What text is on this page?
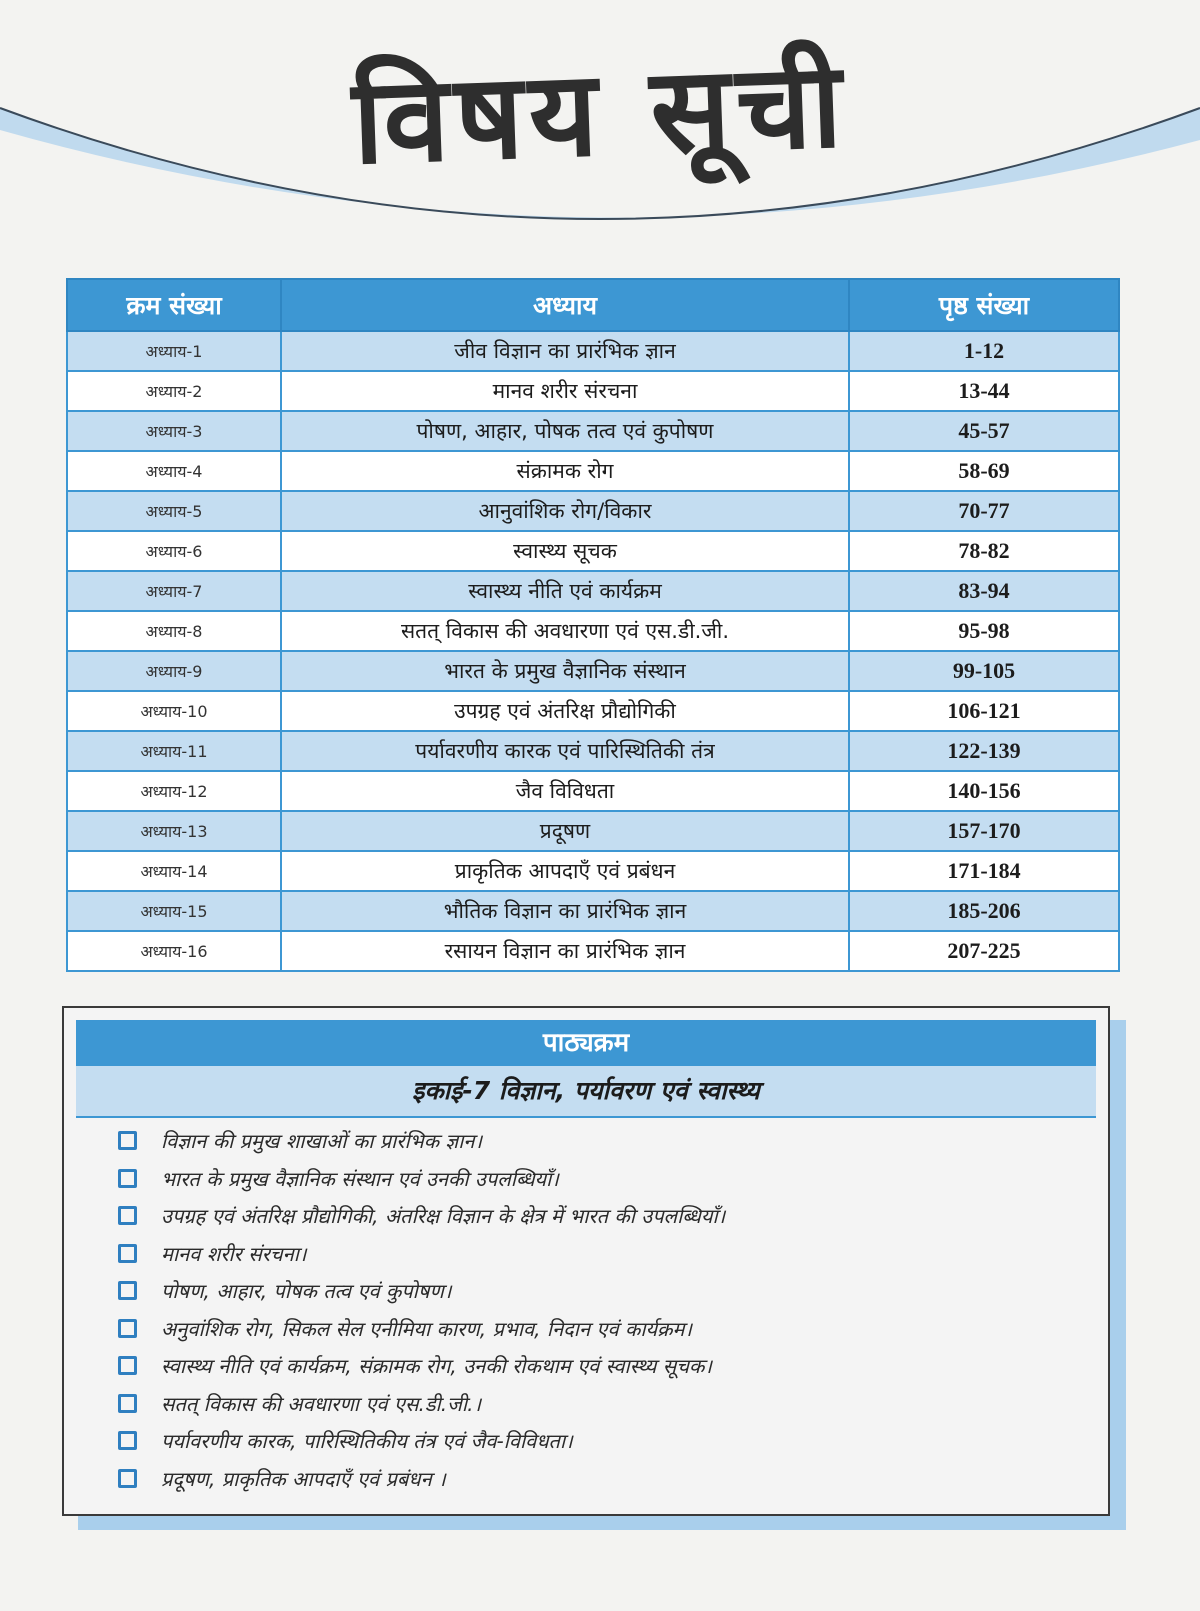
विषय सूची
क्रम संख्या	अध्याय	पृष्ठ संख्या
अध्याय-1	जीव विज्ञान का प्रारंभिक ज्ञान	1-12
अध्याय-2	मानव शरीर संरचना	13-44
अध्याय-3	पोषण, आहार, पोषक तत्व एवं कुपोषण	45-57
अध्याय-4	संक्रामक रोग	58-69
अध्याय-5	आनुवांशिक रोग/विकार	70-77
अध्याय-6	स्वास्थ्य सूचक	78-82
अध्याय-7	स्वास्थ्य नीति एवं कार्यक्रम	83-94
अध्याय-8	सतत् विकास की अवधारणा एवं एस.डी.जी.	95-98
अध्याय-9	भारत के प्रमुख वैज्ञानिक संस्थान	99-105
अध्याय-10	उपग्रह एवं अंतरिक्ष प्रौद्योगिकी	106-121
अध्याय-11	पर्यावरणीय कारक एवं पारिस्थितिकी तंत्र	122-139
अध्याय-12	जैव विविधता	140-156
अध्याय-13	प्रदूषण	157-170
अध्याय-14	प्राकृतिक आपदाएँ एवं प्रबंधन	171-184
अध्याय-15	भौतिक विज्ञान का प्रारंभिक ज्ञान	185-206
अध्याय-16	रसायन विज्ञान का प्रारंभिक ज्ञान	207-225
पाठ्यक्रम
इकाई-7 विज्ञान, पर्यावरण एवं स्वास्थ्य
विज्ञान की प्रमुख शाखाओं का प्रारंभिक ज्ञान।
भारत के प्रमुख वैज्ञानिक संस्थान एवं उनकी उपलब्धियाँ।
उपग्रह एवं अंतरिक्ष प्रौद्योगिकी, अंतरिक्ष विज्ञान के क्षेत्र में भारत की उपलब्धियाँ।
मानव शरीर संरचना।
पोषण, आहार, पोषक तत्व एवं कुपोषण।
अनुवांशिक रोग, सिकल सेल एनीमिया कारण, प्रभाव, निदान एवं कार्यक्रम।
स्वास्थ्य नीति एवं कार्यक्रम, संक्रामक रोग, उनकी रोकथाम एवं स्वास्थ्य सूचक।
सतत् विकास की अवधारणा एवं एस.डी.जी.।
पर्यावरणीय कारक, पारिस्थितिकीय तंत्र एवं जैव-विविधता।
प्रदूषण, प्राकृतिक आपदाएँ एवं प्रबंधन ।
